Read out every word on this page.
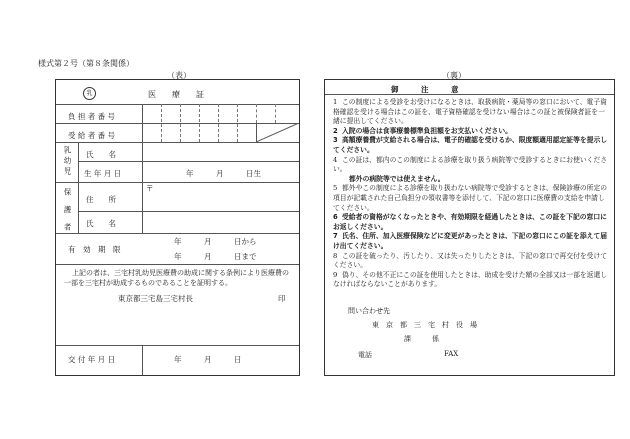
様式第２号（第８条関係）
（表）	（裏）
乳	医　　療　　証
負 担 者 番 号
受 給 者 番 号
乳幼児 氏　　名
生 年 月 日	年　　　月　　　日生
保護者 住　　所
〒
氏　　名
有　効　期　限
年　　　月　　　日から
年　　　月　　　日まで
上記の者は、三宅村乳幼児医療費の助成に関する条例により医療費の一部を三宅村が助成するものであることを証明する。
東京都三宅島三宅村長	印
交 付 年 月 日	年　　　月　　　日
御　　　注　　　意

1 この制度による受診をお受けになるときは、取扱病院・薬局等の窓口において、電子資格確認を受ける場合はこの証を、電子資格確認を受けない場合はこの証と被保険者証を一緒に提出してください。

2 入院の場合は食事療養標準負担額をお支払いください。

3 高額療養費が支給される場合は、電子的確認を受けるか、限度額適用認定証等を提示してください。

4 この証は、都内のこの制度による診療を取り扱う病院等で受診するときにお使いください。

都外の病院等では使えません。

5 都外やこの制度による診療を取り扱わない病院等で受診するときは、保険診療の所定の項目が記載された自己負担分の領収書等を添付して、下記の窓口に医療費の支給を申請してください。

6 受給者の資格がなくなったときや、有効期限を経過したときは、この証を下記の窓口にお返しください。

7 氏名、住所、加入医療保険などに変更があったときは、下記の窓口にこの証を添えて届け出てください。

8 この証を破ったり、汚したり、又は失ったりしたときは、下記の窓口で再交付を受けてください。

9 偽り、その他不正にこの証を使用したときは、助成を受けた額の全部又は一部を返還しなければならないことがあります。

問い合わせ先
東　京　都　三　宅　村　役　場
課　　　係
電話	FAX
